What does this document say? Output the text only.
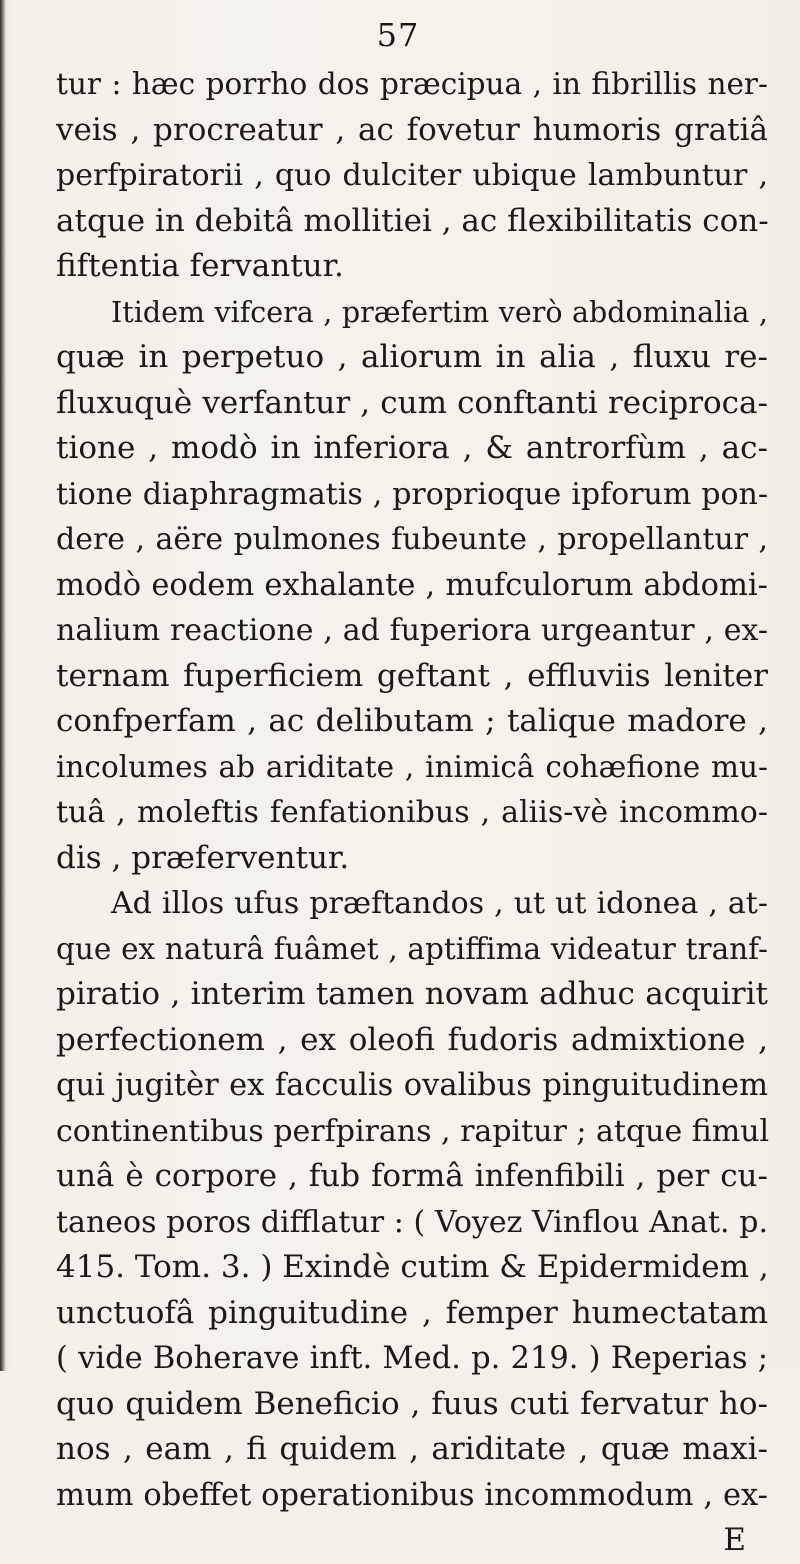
57
tur : hæc porrho dos præcipua , in fibrillis ner-
veis , procreatur , ac fovetur humoris gratiâ
perfpiratorii , quo dulciter ubique lambuntur ,
atque in debitâ mollitiei , ac flexibilitatis con-
fiftentia fervantur.
Itidem vifcera , præfertim verò abdominalia ,
quæ in perpetuo , aliorum in alia , fluxu re-
fluxuquè verfantur , cum conftanti reciproca-
tione , modò in inferiora , & antrorfùm , ac-
tione diaphragmatis , proprioque ipforum pon-
dere , aëre pulmones fubeunte , propellantur ,
modò eodem exhalante , mufculorum abdomi-
nalium reactione , ad fuperiora urgeantur , ex-
ternam fuperficiem geftant , effluviis leniter
confperfam , ac delibutam ; talique madore ,
incolumes ab ariditate , inimicâ cohæfione mu-
tuâ , moleftis fenfationibus , aliis-vè incommo-
dis , præferventur.
Ad illos ufus præftandos , ut ut idonea , at-
que ex naturâ fuâmet , aptiffima videatur tranf-
piratio , interim tamen novam adhuc acquirit
perfectionem , ex oleofi fudoris admixtione ,
qui jugitèr ex facculis ovalibus pinguitudinem
continentibus perfpirans , rapitur ; atque fimul
unâ è corpore , fub formâ infenfibili , per cu-
taneos poros difflatur : ( Voyez Vinflou Anat. p.
415. Tom. 3. ) Exindè cutim & Epidermidem ,
unctuofâ pinguitudine , femper humectatam
( vide Boherave inft. Med. p. 219. ) Reperias ;
quo quidem Beneficio , fuus cuti fervatur ho-
nos , eam , fi quidem , ariditate , quæ maxi-
mum obeffet operationibus incommodum , ex-
E
